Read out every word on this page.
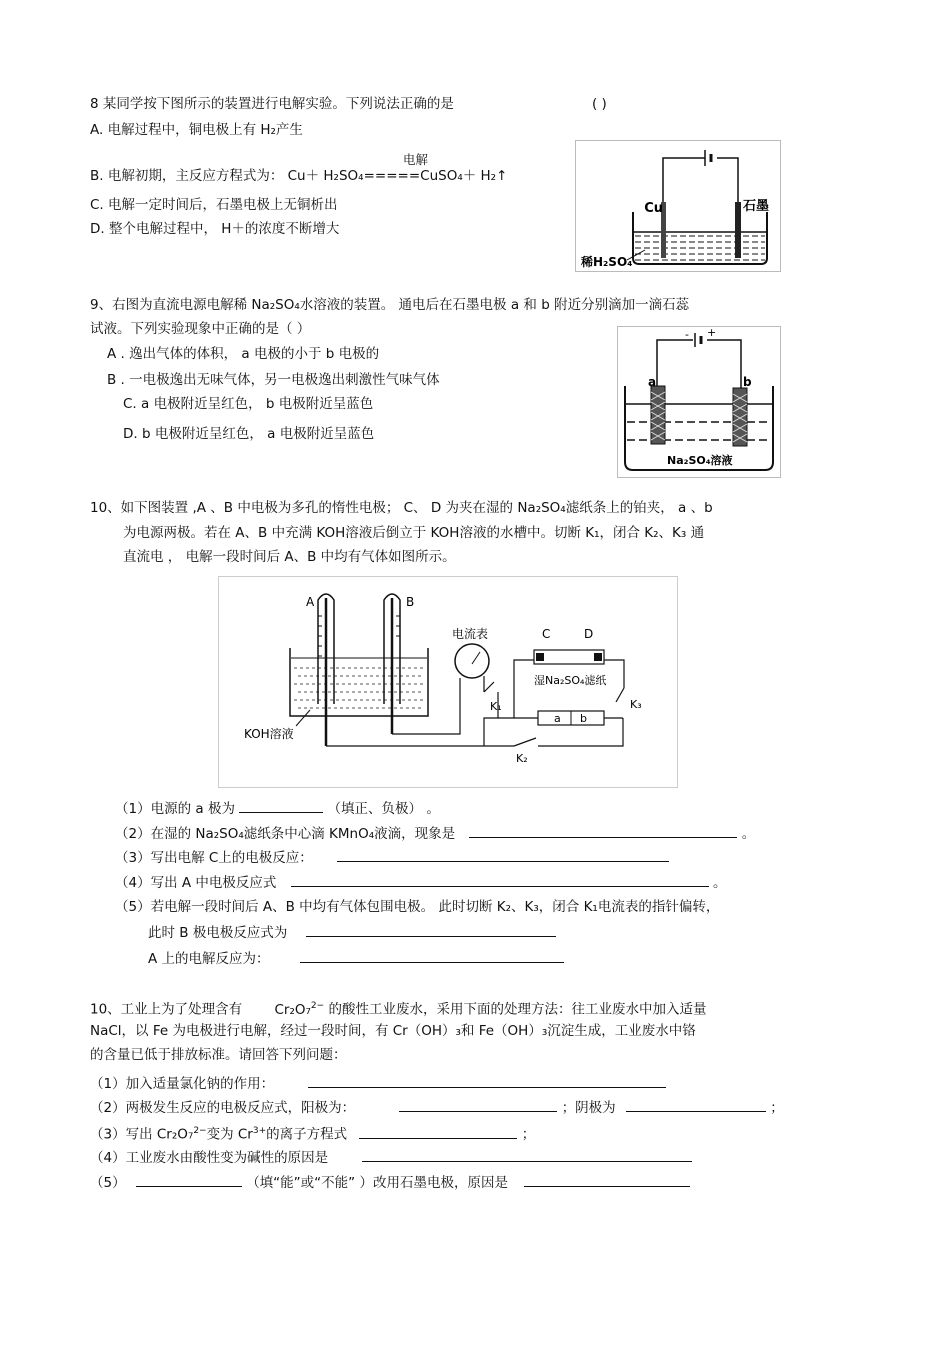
8 某同学按下图所示的装置进行电解实验。下列说法正确的是	( )
A. 电解过程中，铜电极上有 H₂产生
电解
B. 电解初期，主反应方程式为： Cu＋ H₂SO₄=====CuSO₄＋ H₂↑
C. 电解一定时间后，石墨电极上无铜析出
D. 整个电解过程中， H＋的浓度不断增大
Cu	石墨
稀H₂SO₄
9、右图为直流电源电解稀 Na₂SO₄水溶液的装置。 通电后在石墨电极 a 和 b 附近分别滴加一滴石蕊
试液。下列实验现象中正确的是（ ）
A . 逸出气体的体积， a 电极的小于 b 电极的
B . 一电极逸出无味气体，另一电极逸出刺激性气味气体
C. a 电极附近呈红色， b 电极附近呈蓝色
D. b 电极附近呈红色， a 电极附近呈蓝色
- +
a	b
Na₂SO₄溶液
10、如下图装置 ,A 、B 中电极为多孔的惰性电极； C、 D 为夹在湿的 Na₂SO₄滤纸条上的铂夹， a 、b
为电源两极。若在 A、B 中充满 KOH溶液后倒立于 KOH溶液的水槽中。切断 K₁，闭合 K₂、K₃ 通
直流电 ， 电解一段时间后 A、B 中均有气体如图所示。
A	B
KOH溶液
电流表
K₁
K₂
C	D
湿Na₂SO₄滤纸
K₃
a b
（1）电源的 a 极为	（填正、负极） 。
（2）在湿的 Na₂SO₄滤纸条中心滴 KMnO₄液滴，现象是	。
（3）写出电解 C上的电极反应：
（4）写出 A 中电极反应式	。
（5）若电解一段时间后 A、B 中均有气体包围电极。 此时切断 K₂、K₃，闭合 K₁电流表的指针偏转，
此时 B 极电极反应式为
A 上的电解反应为：
10、工业上为了处理含有 Cr₂O₇$^{2-}$ 的酸性工业废水，采用下面的处理方法：往工业废水中加入适量
NaCl，以 Fe 为电极进行电解，经过一段时间，有 Cr（OH）₃和 Fe（OH）₃沉淀生成，工业废水中铬
的含量已低于排放标准。请回答下列问题：
（1）加入适量氯化钠的作用：
（2）两极发生反应的电极反应式，阳极为：	；阴极为	；
（3）写出 Cr₂O₇$^{2-}$变为 $Cr^{3+}$的离子方程式	；
（4）工业废水由酸性变为碱性的原因是
（5）	（填“能”或“不能” ）改用石墨电极，原因是
